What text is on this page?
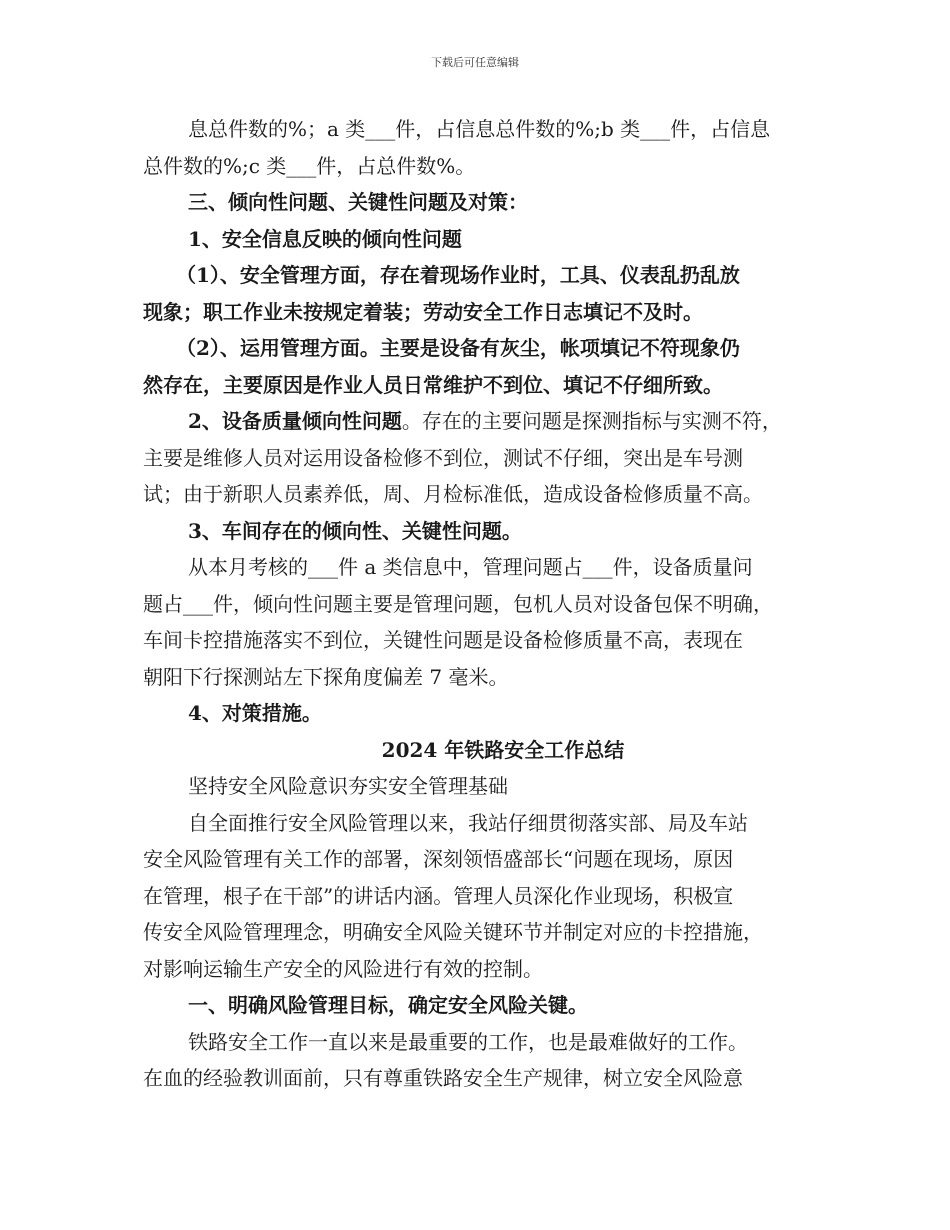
下载后可任意编辑

息总件数的%；a 类___件，占信息总件数的%;b 类___件，占信息

总件数的%;c 类___件，占总件数%。

三、倾向性问题、关键性问题及对策：

1、安全信息反映的倾向性问题

（1）、安全管理方面，存在着现场作业时，工具、仪表乱扔乱放

现象；职工作业未按规定着装；劳动安全工作日志填记不及时。

（2）、运用管理方面。主要是设备有灰尘，帐项填记不符现象仍

然存在，主要原因是作业人员日常维护不到位、填记不仔细所致。

2、设备质量倾向性问题。存在的主要问题是探测指标与实测不符，

主要是维修人员对运用设备检修不到位，测试不仔细，突出是车号测

试；由于新职人员素养低，周、月检标准低，造成设备检修质量不高。

3、车间存在的倾向性、关键性问题。

从本月考核的___件 a 类信息中，管理问题占___件，设备质量问

题占___件，倾向性问题主要是管理问题，包机人员对设备包保不明确，

车间卡控措施落实不到位，关键性问题是设备检修质量不高，表现在

朝阳下行探测站左下探角度偏差 7 毫米。

4、对策措施。

2024 年铁路安全工作总结

坚持安全风险意识夯实安全管理基础

自全面推行安全风险管理以来，我站仔细贯彻落实部、局及车站

安全风险管理有关工作的部署，深刻领悟盛部长“问题在现场，原因

在管理，根子在干部”的讲话内涵。管理人员深化作业现场，积极宣

传安全风险管理理念，明确安全风险关键环节并制定对应的卡控措施，

对影响运输生产安全的风险进行有效的控制。

一、明确风险管理目标，确定安全风险关键。

铁路安全工作一直以来是最重要的工作，也是最难做好的工作。

在血的经验教训面前，只有尊重铁路安全生产规律，树立安全风险意
